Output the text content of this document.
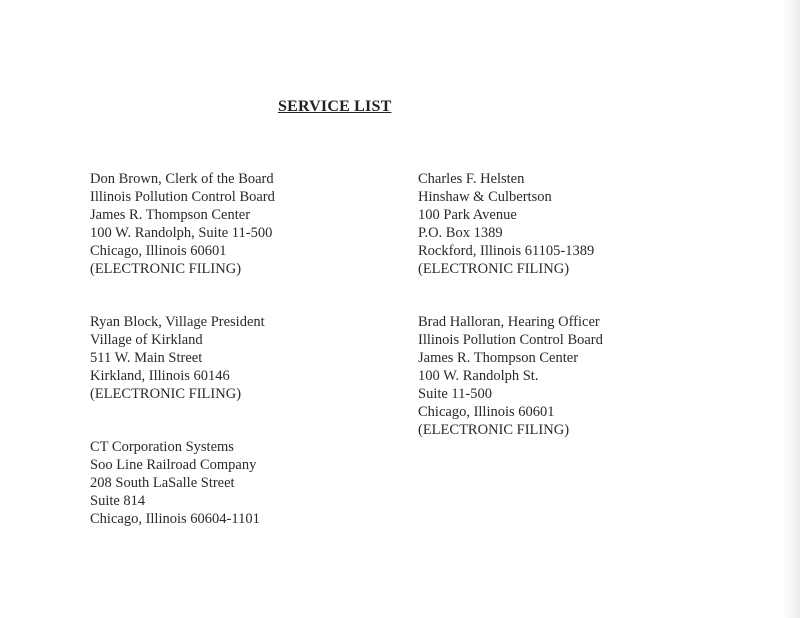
SERVICE LIST
Don Brown, Clerk of the Board
Illinois Pollution Control Board
James R. Thompson Center
100 W. Randolph, Suite 11-500
Chicago, Illinois 60601
(ELECTRONIC FILING)
Charles F. Helsten
Hinshaw & Culbertson
100 Park Avenue
P.O. Box 1389
Rockford, Illinois 61105-1389
(ELECTRONIC FILING)
Ryan Block, Village President
Village of Kirkland
511 W. Main Street
Kirkland, Illinois 60146
(ELECTRONIC FILING)
Brad Halloran, Hearing Officer
Illinois Pollution Control Board
James R. Thompson Center
100 W. Randolph St.
Suite 11-500
Chicago, Illinois 60601
(ELECTRONIC FILING)
CT Corporation Systems
Soo Line Railroad Company
208 South LaSalle Street
Suite 814
Chicago, Illinois 60604-1101
